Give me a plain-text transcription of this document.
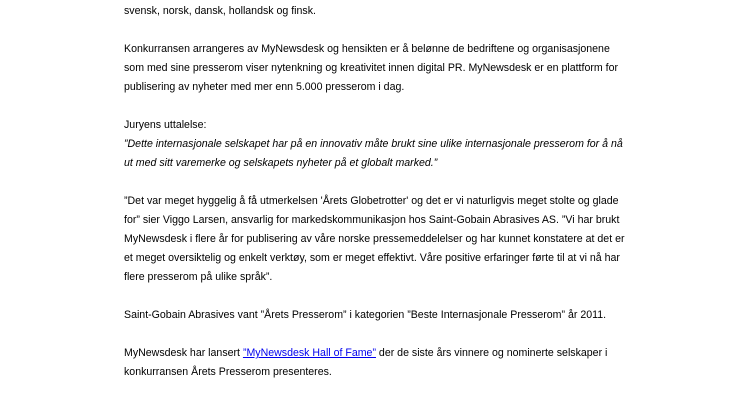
svensk, norsk, dansk, hollandsk og finsk.

Konkurransen arrangeres av MyNewsdesk og hensikten er å belønne de bedriftene og organisasjonene

som med sine presserom viser nytenkning og kreativitet innen digital PR. MyNewsdesk er en plattform for

publisering av nyheter med mer enn 5.000 presserom i dag.

Juryens uttalelse:

”Dette internasjonale selskapet har på en innovativ måte brukt sine ulike internasjonale presserom for å nå

ut med sitt varemerke og selskapets nyheter på et globalt marked.”

”Det var meget hyggelig å få utmerkelsen 'Årets Globetrotter' og det er vi naturligvis meget stolte og glade

for” sier Viggo Larsen, ansvarlig for markedskommunikasjon hos Saint-Gobain Abrasives AS. ”Vi har brukt

MyNewsdesk i flere år for publisering av våre norske pressemeddelelser og har kunnet konstatere at det er

et meget oversiktelig og enkelt verktøy, som er meget effektivt. Våre positive erfaringer førte til at vi nå har

flere presserom på ulike språk”.

Saint-Gobain Abrasives vant ”Årets Presserom” i kategorien ”Beste Internasjonale Presserom” år 2011.

MyNewsdesk har lansert ”MyNewsdesk Hall of Fame” der de siste års vinnere og nominerte selskaper i

konkurransen Årets Presserom presenteres.
